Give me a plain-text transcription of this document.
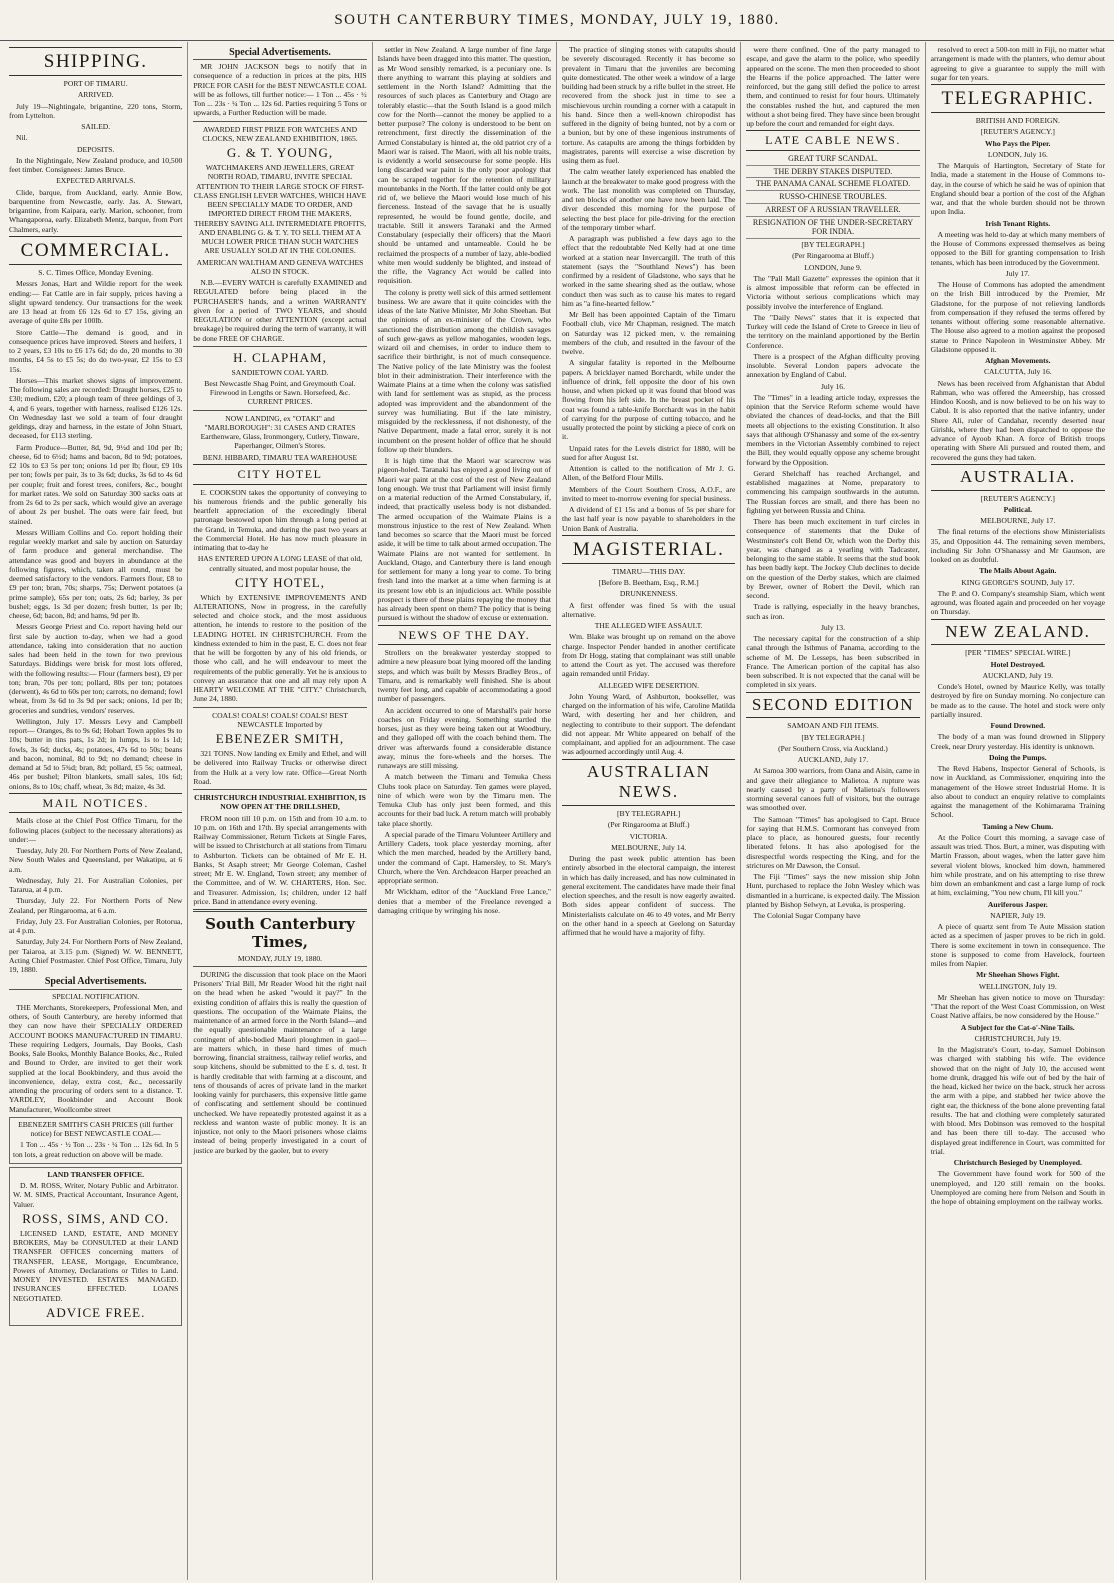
SOUTH CANTERBURY TIMES, MONDAY, JULY 19, 1880.
SHIPPING.

PORT OF TIMARU.

ARRIVED.

July 19—Nightingale, brigantine, 220 tons, Storm, from Lyttelton.

SAILED.

Nil.

DEPOSITS.

In the Nightingale, New Zealand produce, and 10,500 feet timber. Consignees: James Bruce.

EXPECTED ARRIVALS.

Clide, barque, from Auckland, early. Annie Bow, barquentine from Newcastle, early. Jas. A. Stewart, brigantine, from Kaipara, early. Marion, schooner, from Whangaporoa, early. Elizabeth Mentz, barque, from Port Chalmers, early.

COMMERCIAL.

S. C. Times Office, Monday Evening.

Messrs Jonas, Hart and Wildie report for the week ending:— Fat Cattle are in fair supply, prices having a slight upward tendency. Our transactions for the week are 13 head at from £6 12s 6d to £7 15s, giving an average of quite £8s per 100lb.

Store Cattle—The demand is good, and in consequence prices have improved. Steers and heifers, 1 to 2 years, £3 10s to £6 17s 6d; do do, 20 months to 30 months, £4 5s to £5 5s; do do two-year, £2 15s to £3 15s.

Horses—This market shows signs of improvement. The following sales are recorded: Draught horses, £25 to £30; medium, £20; a plough team of three geldings of 3, 4, and 6 years, together with harness, realised £126 12s. On Wednesday last we sold a team of four draught geldings, dray and harness, in the estate of John Stuart, deceased, for £113 sterling.

Farm Produce—Butter, 8d, 9d, 9½d and 10d per lb; cheese, 6d to 6½d; hams and bacon, 8d to 9d; potatoes, £2 10s to £3 5s per ton; onions 1d per lb; flour, £9 10s per ton; fowls per pair, 3s to 3s 6d; ducks, 3s 6d to 4s 6d per couple; fruit and forest trees, conifers, &c., bought for market rates. We sold on Saturday 300 sacks oats at from 2s 6d to 2s per sack, which would give an average of about 2s per bushel. The oats were fair feed, but stained.

Messrs William Collins and Co. report holding their regular weekly market and sale by auction on Saturday of farm produce and general merchandise. The attendance was good and buyers in abundance at the following figures, which, taken all round, must be deemed satisfactory to the vendors. Farmers flour, £8 to £9 per ton; bran, 70s; sharps, 75s; Derwent potatoes (a prime sample), 65s per ton; oats, 2s 6d; barley, 3s per bushel; eggs, 1s 3d per dozen; fresh butter, 1s per lb; cheese, 6d; bacon, 8d; and hams, 9d per lb.

Messrs George Priest and Co. report having held our first sale by auction to-day, when we had a good attendance, taking into consideration that no auction sales had been held in the town for two previous Saturdays. Biddings were brisk for most lots offered, with the following results:— Flour (farmers best), £9 per ton; bran, 70s per ton; pollard, 80s per ton; potatoes (derwent), 4s 6d to 60s per ton; carrots, no demand; fowl wheat, from 3s 6d to 3s 9d per sack; onions, 1d per lb; groceries and sundries, vendors' reserves.

Wellington, July 17. Messrs Levy and Campbell report— Oranges, 8s to 9s 6d; Hobart Town apples 9s to 10s; butter in tins pats, 1s 2d; in lumps, 1s to 1s 1d; fowls, 3s 6d; ducks, 4s; potatoes, 47s 6d to 50s; beans and bacon, nominal, 8d to 9d; no demand; cheese in demand at 5d to 5¾d; bran, 8d; pollard, £5 5s; oatmeal, 46s per bushel; Pilton blankets, small sales, 10s 6d; onions, 8s to 10s; chaff, wheat, 3s 8d; maize, 4s 3d.

MAIL NOTICES.

Mails close at the Chief Post Office Timaru, for the following places (subject to the necessary alterations) as under:—

Tuesday, July 20. For Northern Ports of New Zealand, New South Wales and Queensland, per Wakatipu, at 6 a.m.

Wednesday, July 21. For Australian Colonies, per Tararua, at 4 p.m.

Thursday, July 22. For Northern Ports of New Zealand, per Ringarooma, at 6 a.m.

Friday, July 23. For Australian Colonies, per Rotorua, at 4 p.m.

Saturday, July 24. For Northern Ports of New Zealand, per Taiaroa, at 3.15 p.m. (Signed) W. W. BENNETT, Acting Chief Postmaster. Chief Post Office, Timaru, July 19, 1880.

Special Advertisements.

SPECIAL NOTIFICATION.

THE Merchants, Storekeepers, Professional Men, and others, of South Canterbury, are hereby informed that they can now have their SPECIALLY ORDERED ACCOUNT BOOKS MANUFACTURED IN TIMARU. These requiring Ledgers, Journals, Day Books, Cash Books, Sale Books, Monthly Balance Books, &c., Ruled and Bound to Order, are invited to get their work supplied at the local Bookbindery, and thus avoid the inconvenience, delay, extra cost, &c., necessarily attending the procuring of orders sent to a distance. T. YARDLEY, Bookbinder and Account Book Manufacturer, Woollcombe street

EBENEZER SMITH'S CASH PRICES (till further notice) for BEST NEWCASTLE COAL—

1 Ton ... 45s · ½ Ton ... 23s · ¼ Ton ... 12s 6d. In 5 ton lots, a great reduction on above will be made.

LAND TRANSFER OFFICE.

D. M. ROSS, Writer, Notary Public and Arbitrator. W. M. SIMS, Practical Accountant, Insurance Agent, Valuer.

ROSS, SIMS, AND CO.

LICENSED LAND, ESTATE, AND MONEY BROKERS, May be CONSULTED at their LAND TRANSFER OFFICES concerning matters of TRANSFER, LEASE, Mortgage, Encumbrance, Powers of Attorney, Declarations or Titles to Land. MONEY INVESTED. ESTATES MANAGED. INSURANCES EFFECTED. LOANS NEGOTIATED.

ADVICE FREE.
Special Advertisements.

MR JOHN JACKSON begs to notify that in consequence of a reduction in prices at the pits, HIS PRICE FOR CASH for the BEST NEWCASTLE COAL will be as follows, till further notice:— 1 Ton ... 45s · ½ Ton ... 23s · ¼ Ton ... 12s 6d. Parties requiring 5 Tons or upwards, a Further Reduction will be made.

AWARDED FIRST PRIZE FOR WATCHES AND CLOCKS, NEW ZEALAND EXHIBITION, 1865.

G. & T. YOUNG,

WATCHMAKERS AND JEWELLERS, GREAT NORTH ROAD, TIMARU, INVITE SPECIAL ATTENTION TO THEIR LARGE STOCK OF FIRST-CLASS ENGLISH LEVER WATCHES, WHICH HAVE BEEN SPECIALLY MADE TO ORDER, AND IMPORTED DIRECT FROM THE MAKERS, THEREBY SAVING ALL INTERMEDIATE PROFITS, AND ENABLING G. & T. Y. TO SELL THEM AT A MUCH LOWER PRICE THAN SUCH WATCHES ARE USUALLY SOLD AT IN THE COLONIES.

AMERICAN WALTHAM AND GENEVA WATCHES ALSO IN STOCK.

N.B.—EVERY WATCH is carefully EXAMINED and REGULATED before being placed in the PURCHASER'S hands, and a written WARRANTY given for a period of TWO YEARS, and should REGULATION or other ATTENTION (except actual breakage) be required during the term of warranty, it will be done FREE OF CHARGE.

H. CLAPHAM,

SANDIETOWN COAL YARD.

Best Newcastle Shag Point, and Greymouth Coal. Firewood in Lengths or Sawn. Horsefeed, &c. CURRENT PRICES.

NOW LANDING, ex "OTAKI" and "MARLBOROUGH": 31 CASES AND CRATES Earthenware, Glass, Ironmongery, Cutlery, Tinware, Paperhanger, Oilmen's Stores.

BENJ. HIBBARD, TIMARU TEA WAREHOUSE

CITY HOTEL

E. COOKSON takes the opportunity of conveying to his numerous friends and the public generally his heartfelt appreciation of the exceedingly liberal patronage bestowed upon him through a long period at the Grand, in Temuka, and during the past two years at the Commercial Hotel. He has now much pleasure in intimating that to-day he

HAS ENTERED UPON A LONG LEASE of that old, centrally situated, and most popular house, the

CITY HOTEL,

Which by EXTENSIVE IMPROVEMENTS AND ALTERATIONS, Now in progress, in the carefully selected and choice stock, and the most assiduous attention, he intends to restore to the position of the LEADING HOTEL IN CHRISTCHURCH. From the kindness extended to him in the past, E. C. does not fear that he will be forgotten by any of his old friends, or those who call, and he will endeavour to meet the requirements of the public generally. Yet he is anxious to convey an assurance that one and all may rely upon A HEARTY WELCOME AT THE "CITY." Christchurch, June 24, 1880.

COALS! COALS! COALS! COALS! BEST NEWCASTLE Imported by

EBENEZER SMITH,

321 TONS. Now landing ex Emily and Ethel, and will be delivered into Railway Trucks or otherwise direct from the Hulk at a very low rate. Office—Great North Road.

CHRISTCHURCH INDUSTRIAL EXHIBITION, IS NOW OPEN AT THE DRILLSHED,

FROM noon till 10 p.m. on 15th and from 10 a.m. to 10 p.m. on 16th and 17th. By special arrangements with Railway Commissioner, Return Tickets at Single Fares, will be issued to Christchurch at all stations from Timaru to Ashburton. Tickets can be obtained of Mr E. H. Banks, St Asaph street; Mr George Coleman, Cashel street; Mr E. W. England, Town street; any member of the Committee, and of W. W. CHARTERS, Hon. Sec. and Treasurer. Admission, 1s; children, under 12 half price. Band in attendance every evening.

South Canterbury Times,

MONDAY, JULY 19, 1880.

DURING the discussion that took place on the Maori Prisoners' Trial Bill, Mr Reader Wood hit the right nail on the head when he asked "would it pay?" In the existing condition of affairs this is really the question of questions. The occupation of the Waimate Plains, the maintenance of an armed force in the North Island—and the equally questionable maintenance of a large contingent of able-bodied Maori ploughmen in gaol—are matters which, in these hard times of much borrowing, financial straitness, railway relief works, and soup kitchens, should be submitted to the £ s. d. test. It is hardly creditable that with farming at a discount, and tens of thousands of acres of private land in the market looking vainly for purchasers, this expensive little game of confiscating and settlement should be continued unchecked. We have repeatedly protested against it as a reckless and wanton waste of public money. It is an injustice, not only to the Maori prisoners whose claims instead of being properly investigated in a court of justice are burked by the gaoler, but to every

settler in New Zealand. A large number of fine Jarge Islands have been dragged into this matter. The question, as Mr Wood sensibly remarked, is a pecuniary one. Is there anything to warrant this playing at soldiers and settlement in the North Island? Admitting that the resources of such places as Canterbury and Otago are tolerably elastic—that the South Island is a good milch cow for the North—cannot the money be applied to a better purpose? The colony is understood to be bent on retrenchment, first directly the dissemination of the Armed Constabulary is hinted at, the old patriot cry of a Maori war is raised. The Maori, with all his noble traits, is evidently a world sensecourse for some people. His long discarded war paint is the only poor apology that can be scraped together for the retention of military mountebanks in the North. If the latter could only be got rid of, we believe the Maori would lose much of his fierceness. Instead of the savage that he is usually represented, he would be found gentle, docile, and tractable. Still it answers Taranaki and the Armed Constabulary (especially their officers) that the Maori should be untamed and untameable. Could he be reclaimed the prospects of a number of lazy, able-bodied white men would suddenly be blighted, and instead of the rifle, the Vagrancy Act would be called into requisition.

The colony is pretty well sick of this armed settlement business. We are aware that it quite coincides with the ideas of the late Native Minister, Mr John Sheehan. But the opinions of an ex-minister of the Crown, who sanctioned the distribution among the childish savages of such gew-gaws as yellow mahoganies, wooden legs, wizard oil and chemises, in order to induce them to sacrifice their birthright, is not of much consequence. The Native policy of the late Ministry was the foolest blot in their administration. Their interference with the Waimate Plains at a time when the colony was satisfied with land for settlement was as stupid, as the process adopted was improvident and the abandonment of the survey was humiliating. But if the late ministry, misguided by the recklessness, if not dishonesty, of the Native Department, made a fatal error, surely it is not incumbent on the present holder of office that he should follow up their blunders.

It is high time that the Maori war scarecrow was pigeon-holed. Taranaki has enjoyed a good living out of Maori war paint at the cost of the rest of New Zealand long enough. We trust that Parliament will insist firmly on a material reduction of the Armed Constabulary, if, indeed, that practically useless body is not disbanded. The armed occupation of the Waimate Plains is a monstrous injustice to the rest of New Zealand. When land becomes so scarce that the Maori must be forced aside, it will be time to talk about armed occupation. The Waimate Plains are not wanted for settlement. In Auckland, Otago, and Canterbury there is land enough for settlement for many a long year to come. To bring fresh land into the market at a time when farming is at its present low ebb is an injudicious act. While possible prospect is there of these plains repaying the money that has already been spent on them? The policy that is being pursued is without the shadow of excuse or extenuation.

NEWS OF THE DAY.

Strollers on the breakwater yesterday stopped to admire a new pleasure boat lying moored off the landing steps, and which was built by Messrs Bradley Bros., of Timaru, and is remarkably well finished. She is about twenty feet long, and capable of accommodating a good number of passengers.

An accident occurred to one of Marshall's pair horse coaches on Friday evening. Something startled the horses, just as they were being taken out at Woodbury, and they galloped off with the coach behind them. The driver was afterwards found a considerable distance away, minus the fore-wheels and the horses. The runaways are still missing.

A match between the Timaru and Temuka Chess Clubs took place on Saturday. Ten games were played, nine of which were won by the Timaru men. The Temuka Club has only just been formed, and this accounts for their bad luck. A return match will probably take place shortly.

A special parade of the Timaru Volunteer Artillery and Artillery Cadets, took place yesterday morning, after which the men marched, headed by the Artillery band, under the command of Capt. Hamersley, to St. Mary's Church, where the Ven. Archdeacon Harper preached an appropriate sermon.

Mr Wickham, editor of the "Auckland Free Lance," denies that a member of the Freelance revenged a damaging critique by wringing his nose.

The practice of slinging stones with catapults should be severely discouraged. Recently it has become so prevalent in Timaru that the juveniles are becoming quite domesticated. The other week a window of a large building had been struck by a rifle bullet in the street. He recovered from the shock just in time to see a mischievous urchin rounding a corner with a catapult in his hand. Since then a well-known chiropodist has suffered in the dignity of being hunted, not by a corn or a bunion, but by one of these ingenious instruments of torture. As catapults are among the things forbidden by magistrates, parents will exercise a wise discretion by using them as fuel.

The calm weather lately experienced has enabled the launch at the breakwater to make good progress with the work. The last monolith was completed on Thursday, and ten blocks of another one have now been laid. The diver descended this morning for the purpose of selecting the best place for pile-driving for the erection of the temporary timber wharf.

A paragraph was published a few days ago to the effect that the redoubtable Ned Kelly had at one time worked at a station near Invercargill. The truth of this statement (says the "Southland News") has been confirmed by a resident of Gladstone, who says that he worked in the same shearing shed as the outlaw, whose conduct then was such as to cause his mates to regard him as "a fine-hearted fellow."

Mr Bell has been appointed Captain of the Timaru Football club, vice Mr Chapman, resigned. The match on Saturday was 12 picked men, v. the remaining members of the club, and resulted in the favour of the twelve.

A singular fatality is reported in the Melbourne papers. A bricklayer named Borchardt, while under the influence of drink, fell opposite the door of his own house, and when picked up it was found that blood was flowing from his left side. In the breast pocket of his coat was found a table-knife Borchardt was in the habit of carrying for the purpose of cutting tobacco, and he usually protected the point by sticking a piece of cork on it.

Unpaid rates for the Levels district for 1880, will be sued for after August 1st.

Attention is called to the notification of Mr J. G. Allen, of the Belford Flour Mills.

Members of the Court Southern Cross, A.O.F., are invited to meet to-morrow evening for special business.

A dividend of £1 15s and a bonus of 5s per share for the last half year is now payable to shareholders in the Union Bank of Australia.

MAGISTERIAL.

TIMARU—THIS DAY.

[Before B. Beetham, Esq., R.M.]

DRUNKENNESS.

A first offender was fined 5s with the usual alternative.

THE ALLEGED WIFE ASSAULT.

Wm. Blake was brought up on remand on the above charge. Inspector Pender handed in another certificate from Dr Hogg, stating that complainant was still unable to attend the Court as yet. The accused was therefore again remanded until Friday.

ALLEGED WIFE DESERTION.

John Young Ward, of Ashburton, bookseller, was charged on the information of his wife, Caroline Matilda Ward, with deserting her and her children, and neglecting to contribute to their support. The defendant did not appear. Mr White appeared on behalf of the complainant, and applied for an adjournment. The case was adjourned accordingly until Aug. 4.

AUSTRALIAN NEWS.

[BY TELEGRAPH.]

(Per Ringarooma at Bluff.)

VICTORIA.

MELBOURNE, July 14.

During the past week public attention has been entirely absorbed in the electoral campaign, the interest in which has daily increased, and has now culminated in general excitement. The candidates have made their final election speeches, and the result is now eagerly awaited. Both sides appear confident of success. The Ministerialists calculate on 46 to 49 votes, and Mr Berry on the other hand in a speech at Geelong on Saturday affirmed that he would have a majority of fifty.

were there confined. One of the party managed to escape, and gave the alarm to the police, who speedily appeared on the scene. The men then proceeded to shoot the Hearns if the police approached. The latter were reinforced, but the gang still defied the police to arrest them, and continued to resist for four hours. Ultimately the constables rushed the hut, and captured the men without a shot being fired. They have since been brought up before the court and remanded for eight days.

LATE CABLE NEWS.

GREAT TURF SCANDAL.

THE DERBY STAKES DISPUTED.

THE PANAMA CANAL SCHEME FLOATED.

RUSSO-CHINESE TROUBLES.

ARREST OF A RUSSIAN TRAVELLER.

RESIGNATION OF THE UNDER-SECRETARY FOR INDIA.

[BY TELEGRAPH.]

(Per Ringarooma at Bluff.)

LONDON, June 9.

The "Pall Mall Gazette" expresses the opinion that it is almost impossible that reform can be effected in Victoria without serious complications which may possibly involve the interference of England.

The "Daily News" states that it is expected that Turkey will cede the Island of Crete to Greece in lieu of the territory on the mainland apportioned by the Berlin Conference.

There is a prospect of the Afghan difficulty proving insoluble. Several London papers advocate the annexation by England of Cabul.

July 16.

The "Times" in a leading article today, expresses the opinion that the Service Reform scheme would have obviated the chances of dead-locks, and that the Bill meets all objections to the existing Constitution. It also says that although O'Shanassy and some of the ex-sentry members in the Victorian Assembly combined to reject the Bill, they would equally oppose any scheme brought forward by the Opposition.

Gerard Shelchaff has reached Archangel, and established magazines at Nome, preparatory to commencing his campaign southwards in the autumn. The Russian forces are small, and there has been no fighting yet between Russia and China.

There has been much excitement in turf circles in consequence of statements that the Duke of Westminster's colt Bend Or, which won the Derby this year, was changed as a yearling with Tadcaster, belonging to the same stable. It seems that the stud book has been badly kept. The Jockey Club declines to decide on the question of the Derby stakes, which are claimed by Brewer, owner of Robert the Devil, which ran second.

Trade is rallying, especially in the heavy branches, such as iron.

July 13.

The necessary capital for the construction of a ship canal through the Isthmus of Panama, according to the scheme of M. De Lesseps, has been subscribed in France. The American portion of the capital has also been subscribed. It is not expected that the canal will be completed in six years.

SECOND EDITION

SAMOAN AND FIJI ITEMS.

[BY TELEGRAPH.]

(Per Southern Cross, via Auckland.)

AUCKLAND, July 17.

At Samoa 300 warriors, from Oana and Aisin, came in and gave their allegiance to Malietoa. A rupture was nearly caused by a party of Malietoa's followers storming several canoes full of visitors, but the outrage was smoothed over.

The Samoan "Times" has apologised to Capt. Bruce for saying that H.M.S. Cormorant has conveyed from place to place, as honoured guests, four recently liberated felons. It has also apologised for the disrespectful words respecting the King, and for the strictures on Mr Dawson, the Consul.

The Fiji "Times" says the new mission ship John Hunt, purchased to replace the John Wesley which was dismantled in a hurricane, is expected daily. The Mission planted by Bishop Selwyn, at Levuka, is prospering.

The Colonial Sugar Company have

resolved to erect a 500-ton mill in Fiji, no matter what arrangement is made with the planters, who demur about agreeing to give a guarantee to supply the mill with sugar for ten years.

TELEGRAPHIC.

BRITISH AND FOREIGN.

[REUTER'S AGENCY.]

Who Pays the Piper.

LONDON, July 16.

The Marquis of Hartington, Secretary of State for India, made a statement in the House of Commons to-day, in the course of which he said he was of opinion that England should bear a portion of the cost of the Afghan war, and that the whole burden should not be thrown upon India.

Irish Tenant Rights.

A meeting was held to-day at which many members of the House of Commons expressed themselves as being opposed to the Bill for granting compensation to Irish tenants, which has been introduced by the Government.

July 17.

The House of Commons has adopted the amendment on the Irish Bill introduced by the Premier, Mr Gladstone, for the purpose of not relieving landlords from compensation if they refused the terms offered by tenants without offering some reasonable alternative. The House also agreed to a motion against the proposed statue to Prince Napoleon in Westminster Abbey. Mr Gladstone opposed it.

Afghan Movements.

CALCUTTA, July 16.

News has been received from Afghanistan that Abdul Rahman, who was offered the Ameership, has crossed Hindoo Koosh, and is now believed to be on his way to Cabul. It is also reported that the native infantry, under Shere Ali, ruler of Candahar, recently deserted near Girishk, where they had been dispatched to oppose the advance of Ayoob Khan. A force of British troops operating with Shere Ali pursued and routed them, and recovered the guns they had taken.

AUSTRALIA.

[REUTER'S AGENCY.]

Political.

MELBOURNE, July 17.

The final returns of the elections show Ministerialists 35, and Opposition 44. The remaining seven members, including Sir John O'Shanassy and Mr Gaunson, are looked on as doubtful.

The Mails About Again.

KING GEORGE'S SOUND, July 17.

The P. and O. Company's steamship Siam, which went aground, was floated again and proceeded on her voyage on Thursday.

NEW ZEALAND.

[PER "TIMES" SPECIAL WIRE.]

Hotel Destroyed.

AUCKLAND, July 19.

Conde's Hotel, owned by Maurice Kelly, was totally destroyed by fire on Sunday morning. No conjecture can be made as to the cause. The hotel and stock were only partially insured.

Found Drowned.

The body of a man was found drowned in Slippery Creek, near Drury yesterday. His identity is unknown.

Doing the Pumps.

The Revd Habens, Inspector General of Schools, is now in Auckland, as Commissioner, enquiring into the management of the Howe street Industrial Home. It is also about to conduct an enquiry relative to complaints against the management of the Kohimarama Training School.

Taming a New Chum.

At the Police Court this morning, a savage case of assault was tried. Thos. Burt, a miner, was disputing with Martin Frasson, about wages, when the latter gave him several violent blows, knocked him down, hammered him while prostrate, and on his attempting to rise threw him down an embankment and cast a large lump of rock at him, exclaiming, "You new chum, I'll kill you."

Auriferous Jasper.

NAPIER, July 19.

A piece of quartz sent from Te Aute Mission station acted as a specimen of jasper proves to be rich in gold. There is some excitement in town in consequence. The stone is supposed to come from Havelock, fourteen miles from Napier.

Mr Sheehan Shows Fight.

WELLINGTON, July 19.

Mr Sheehan has given notice to move on Thursday: "That the report of the West Coast Commission, on West Coast Native affairs, be now considered by the House."

A Subject for the Cat-o'-Nine Tails.

CHRISTCHURCH, July 19.

In the Magistrate's Court, to-day, Samuel Dobinson was charged with stabbing his wife. The evidence showed that on the night of July 10, the accused went home drunk, dragged his wife out of bed by the hair of the head, kicked her twice on the back, struck her across the arm with a pipe, and stabbed her twice above the right ear, the thickness of the bone alone preventing fatal results. The hat and clothing were completely saturated with blood. Mrs Dobinson was removed to the hospital and has been there till to-day. The accused who displayed great indifference in Court, was committed for trial.

Christchurch Besieged by Unemployed.

The Government have found work for 500 of the unemployed, and 120 still remain on the books. Unemployed are coming here from Nelson and South in the hope of obtaining employment on the railway works.
